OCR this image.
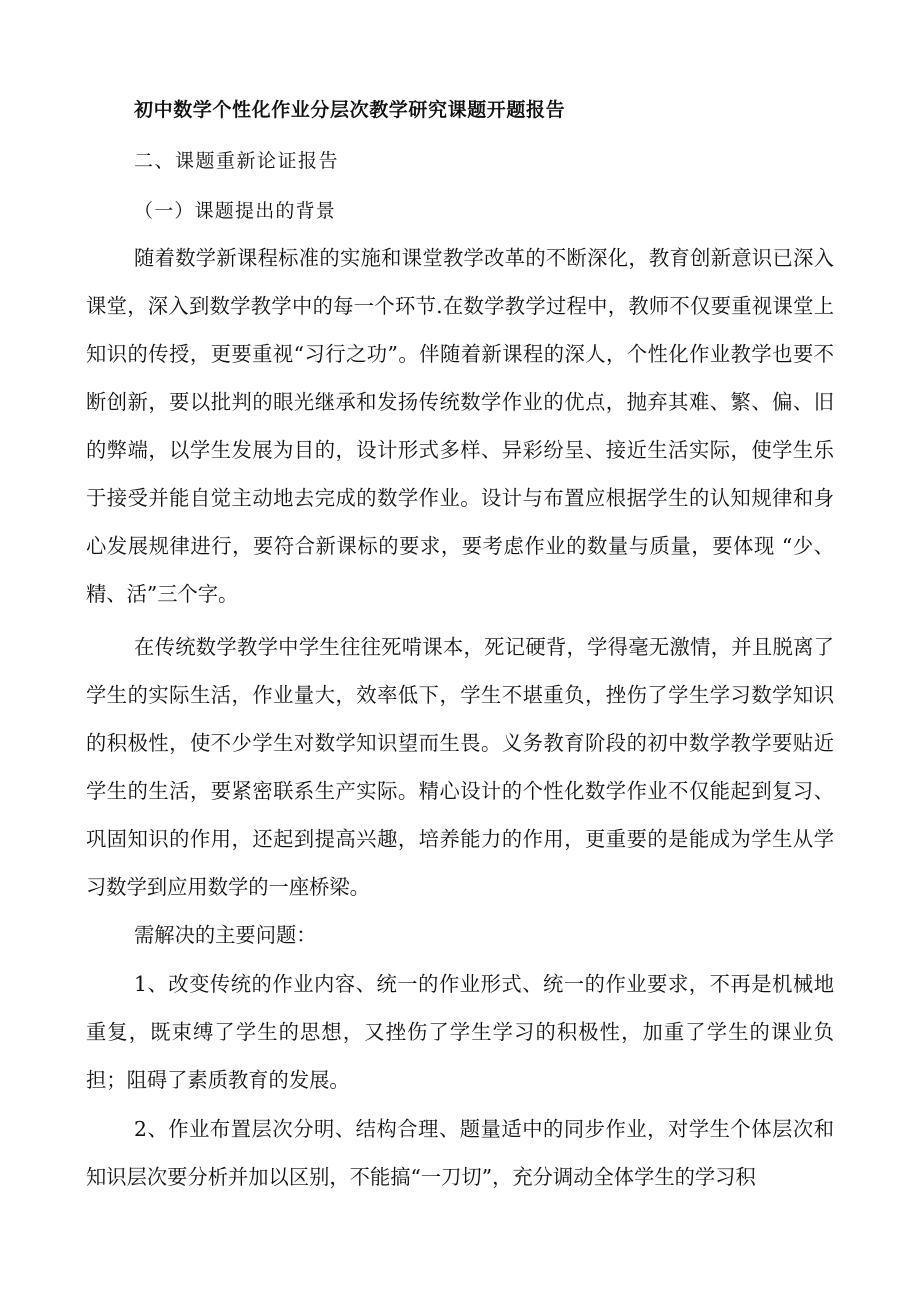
初中数学个性化作业分层次教学研究课题开题报告
二、课题重新论证报告
（一）课题提出的背景

随着数学新课程标准的实施和课堂教学改革的不断深化，教育创新意识已深入课堂，深入到数学教学中的每一个环节.在数学教学过程中，教师不仅要重视课堂上知识的传授，更要重视“习行之功”。伴随着新课程的深人，个性化作业教学也要不断创新，要以批判的眼光继承和发扬传统数学作业的优点，抛弃其难、繁、偏、旧的弊端，以学生发展为目的，设计形式多样、异彩纷呈、接近生活实际，使学生乐于接受并能自觉主动地去完成的数学作业。设计与布置应根据学生的认知规律和身心发展规律进行，要符合新课标的要求，要考虑作业的数量与质量，要体现 “少、精、活”三个字。

在传统数学教学中学生往往死啃课本，死记硬背，学得毫无激情，并且脱离了学生的实际生活，作业量大，效率低下，学生不堪重负，挫伤了学生学习数学知识的积极性，使不少学生对数学知识望而生畏。义务教育阶段的初中数学教学要贴近学生的生活，要紧密联系生产实际。精心设计的个性化数学作业不仅能起到复习、巩固知识的作用，还起到提高兴趣，培养能力的作用，更重要的是能成为学生从学习数学到应用数学的一座桥梁。

需解决的主要问题：

1、改变传统的作业内容、统一的作业形式、统一的作业要求，不再是机械地重复，既束缚了学生的思想，又挫伤了学生学习的积极性，加重了学生的课业负担；阻碍了素质教育的发展。

2、作业布置层次分明、结构合理、题量适中的同步作业，对学生个体层次和知识层次要分析并加以区别，不能搞“一刀切”，充分调动全体学生的学习积
